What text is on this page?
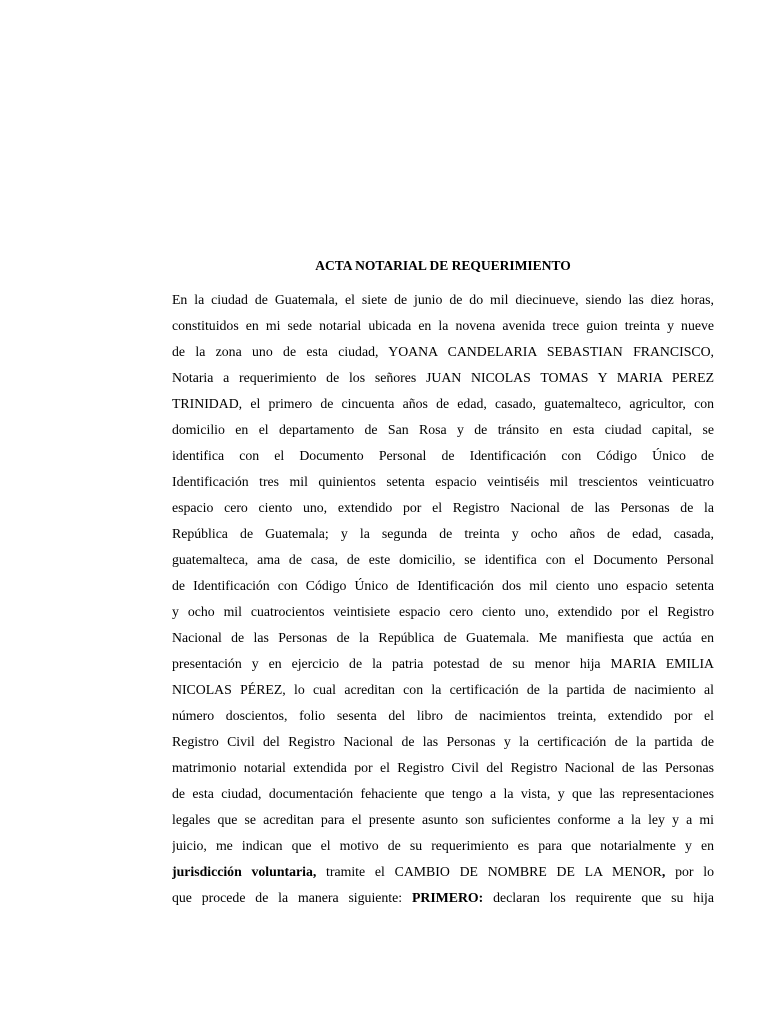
ACTA NOTARIAL DE REQUERIMIENTO
En la ciudad de Guatemala, el siete de junio de do mil diecinueve, siendo las diez horas,
constituidos en mi sede notarial ubicada en la novena avenida trece guion treinta y nueve
de la zona uno de esta ciudad, YOANA CANDELARIA SEBASTIAN FRANCISCO,
Notaria a requerimiento de los señores JUAN NICOLAS TOMAS Y MARIA PEREZ
TRINIDAD, el primero de cincuenta años de edad, casado, guatemalteco, agricultor, con
domicilio en el departamento de San Rosa y de tránsito en esta ciudad capital, se
identifica con el Documento Personal de Identificación con Código Único de
Identificación tres mil quinientos setenta espacio veintiséis mil trescientos veinticuatro
espacio cero ciento uno, extendido por el Registro Nacional de las Personas de la
República de Guatemala; y la segunda de treinta y ocho años de edad, casada,
guatemalteca, ama de casa, de este domicilio, se identifica con el Documento Personal
de Identificación con Código Único de Identificación dos mil ciento uno espacio setenta
y ocho mil cuatrocientos veintisiete espacio cero ciento uno, extendido por el Registro
Nacional de las Personas de la República de Guatemala. Me manifiesta que actúa en
presentación y en ejercicio de la patria potestad de su menor hija MARIA EMILIA
NICOLAS PÉREZ, lo cual acreditan con la certificación de la partida de nacimiento al
número doscientos, folio sesenta del libro de nacimientos treinta, extendido por el
Registro Civil del Registro Nacional de las Personas y la certificación de la partida de
matrimonio notarial extendida por el Registro Civil del Registro Nacional de las Personas
de esta ciudad, documentación fehaciente que tengo a la vista, y que las representaciones
legales que se acreditan para el presente asunto son suficientes conforme a la ley y a mi
juicio, me indican que el motivo de su requerimiento es para que notarialmente y en
jurisdicción voluntaria, tramite el CAMBIO DE NOMBRE DE LA MENOR, por lo
que procede de la manera siguiente: PRIMERO: declaran los requirente que su hija
